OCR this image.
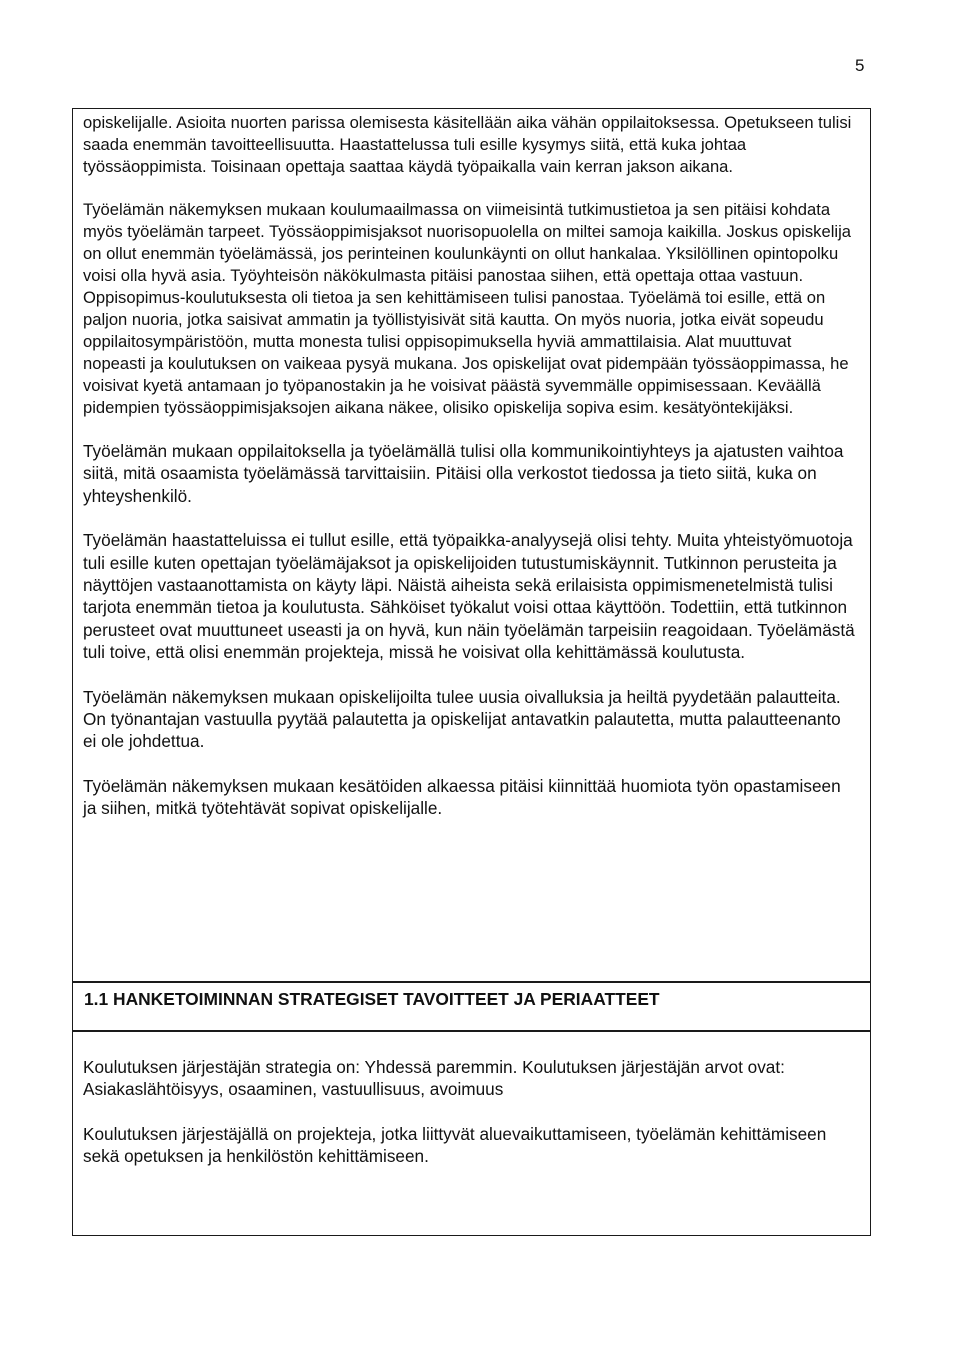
5

opiskelijalle. Asioita nuorten parissa olemisesta käsitellään aika vähän oppilaitoksessa. Opetukseen tulisi saada enemmän tavoitteellisuutta. Haastattelussa tuli esille kysymys siitä, että kuka johtaa työssäoppimista. Toisinaan opettaja saattaa käydä työpaikalla vain kerran jakson aikana.

Työelämän näkemyksen mukaan koulumaailmassa on viimeisintä tutkimustietoa ja sen pitäisi kohdata myös työelämän tarpeet. Työssäoppimisjaksot nuorisopuolella on miltei samoja kaikilla. Joskus opiskelija on ollut enemmän työelämässä, jos perinteinen koulunkäynti on ollut hankalaa. Yksilöllinen opintopolku voisi olla hyvä asia. Työyhteisön näkökulmasta pitäisi panostaa siihen, että opettaja ottaa vastuun. Oppisopimus-koulutuksesta oli tietoa ja sen kehittämiseen tulisi panostaa. Työelämä toi esille, että on paljon nuoria, jotka saisivat ammatin ja työllistyisivät sitä kautta. On myös nuoria, jotka eivät sopeudu oppilaitosympäristöön, mutta monesta tulisi oppisopimuksella hyviä ammattilaisia. Alat muuttuvat nopeasti ja koulutuksen on vaikeaa pysyä mukana. Jos opiskelijat ovat pidempään työssäoppimassa, he voisivat kyetä antamaan jo työpanostakin ja he voisivat päästä syvemmälle oppimisessaan. Keväällä pidempien työssäoppimisjaksojen aikana näkee, olisiko opiskelija sopiva esim. kesätyöntekijäksi.

Työelämän mukaan oppilaitoksella ja työelämällä tulisi olla kommunikointiyhteys ja ajatusten vaihtoa siitä, mitä osaamista työelämässä tarvittaisiin. Pitäisi olla verkostot tiedossa ja tieto siitä, kuka on yhteyshenkilö.

Työelämän haastatteluissa ei tullut esille, että työpaikka-analyysejä olisi tehty. Muita yhteistyömuotoja tuli esille kuten opettajan työelämäjaksot ja opiskelijoiden tutustumiskäynnit. Tutkinnon perusteita ja näyttöjen vastaanottamista on käyty läpi. Näistä aiheista sekä erilaisista oppimismenetelmistä tulisi tarjota enemmän tietoa ja koulutusta. Sähköiset työkalut voisi ottaa käyttöön. Todettiin, että tutkinnon perusteet ovat muuttuneet useasti ja on hyvä, kun näin työelämän tarpeisiin reagoidaan. Työelämästä tuli toive, että olisi enemmän projekteja, missä he voisivat olla kehittämässä koulutusta.

Työelämän näkemyksen mukaan opiskelijoilta tulee uusia oivalluksia ja heiltä pyydetään palautteita. On työnantajan vastuulla pyytää palautetta ja opiskelijat antavatkin palautetta, mutta palautteenanto ei ole johdettua.

Työelämän näkemyksen mukaan kesätöiden alkaessa pitäisi kiinnittää huomiota työn opastamiseen ja siihen, mitkä työtehtävät sopivat opiskelijalle.

1.1 HANKETOIMINNAN STRATEGISET TAVOITTEET JA PERIAATTEET

Koulutuksen järjestäjän strategia on: Yhdessä paremmin. Koulutuksen järjestäjän arvot ovat: Asiakaslähtöisyys, osaaminen, vastuullisuus, avoimuus

Koulutuksen järjestäjällä on projekteja, jotka liittyvät aluevaikuttamiseen, työelämän kehittämiseen sekä opetuksen ja henkilöstön kehittämiseen.
